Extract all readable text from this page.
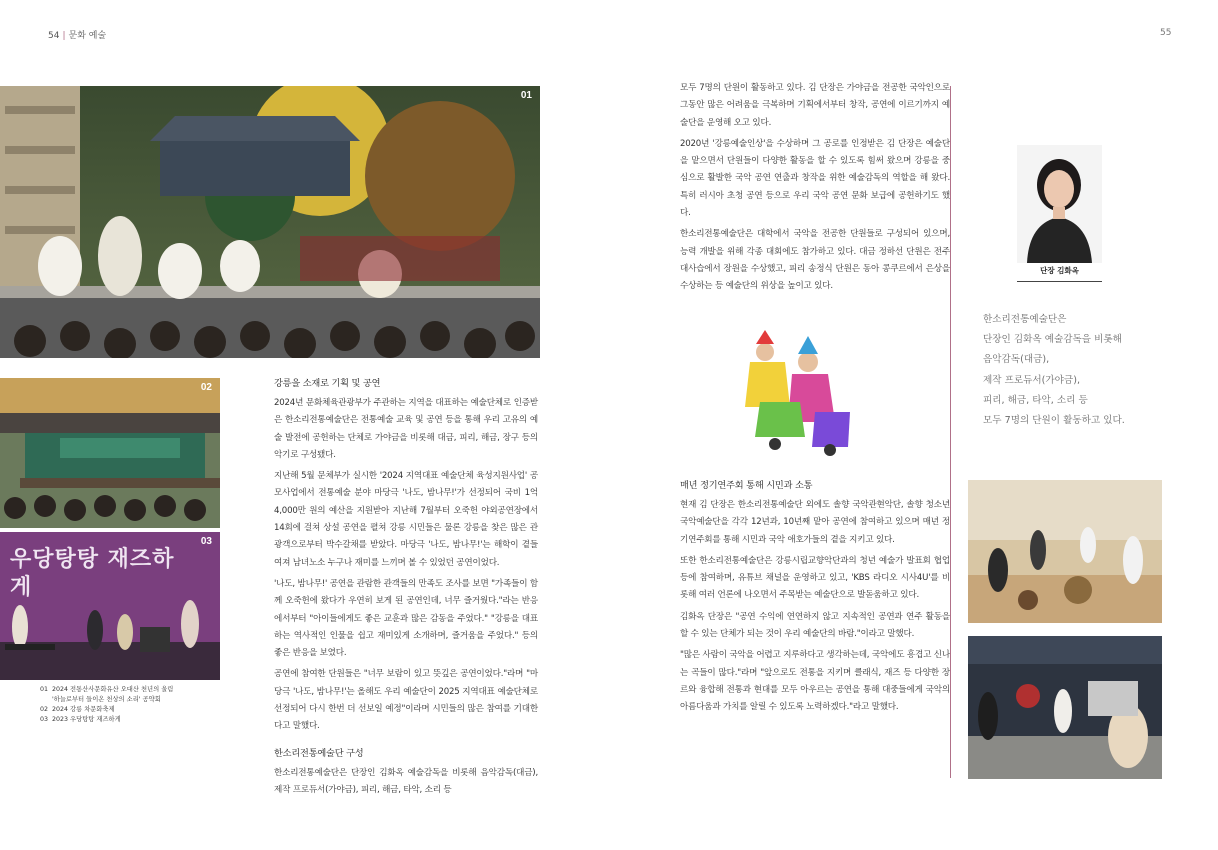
54 | 문화 예술	55
01
02
우당탕탕 재즈하게
03
01 2024 전통산사문화유산 오대산 천년의 울림
'하늘로부터 들이온 천상의 소리' 공약회
02 2024 강릉 차문화축제
03 2023 우당탕탕 재즈하게
강릉을 소재로 기획 및 공연

2024년 문화체육관광부가 주관하는 지역을 대표하는 예술단체로 인증받은 한소리전통예술단은 전통예술 교육 및 공연 등을 통해 우리 고유의 예술 발전에 공헌하는 단체로 가야금을 비롯해 대금, 피리, 해금, 장구 등의 악기로 구성됐다.

지난해 5월 문체부가 실시한 '2024 지역대표 예술단체 육성지원사업' 공모사업에서 전통예술 분야 마당극 '나도, 밤나무!'가 선정되어 국비 1억 4,000만 원의 예산을 지원받아 지난해 7월부터 오죽헌 야외공연장에서 14회에 걸쳐 상설 공연을 펼쳐 강릉 시민들은 물론 강릉을 찾은 많은 관광객으로부터 박수갈채를 받았다. 마당극 '나도, 밤나무!'는 해학이 곁들여져 남녀노소 누구나 재미를 느끼며 볼 수 있었던 공연이었다.

'나도, 밤나무!' 공연을 관람한 관객들의 만족도 조사를 보면 "가족들이 함께 오죽헌에 왔다가 우연히 보게 된 공연인데, 너무 즐거웠다."라는 반응에서부터 "아이들에게도 좋은 교훈과 많은 감동을 주었다." "강릉을 대표하는 역사적인 인물을 쉽고 재미있게 소개하며, 즐거움을 주었다." 등의 좋은 반응을 보였다.

공연에 참여한 단원들은 "너무 보람이 있고 뜻깊은 공연이었다."라며 "마당극 '나도, 밤나무!'는 올해도 우리 예술단이 2025 지역대표 예술단체로 선정되어 다시 한번 더 선보일 예정"이라며 시민들의 많은 참여를 기대한다고 말했다.

한소리전통예술단 구성

한소리전통예술단은 단장인 김화옥 예술감독을 비롯해 음악감독(대금), 제작 프로듀서(가야금), 피리, 해금, 타악, 소리 등

모두 7명의 단원이 활동하고 있다. 김 단장은 가야금을 전공한 국악인으로 그동안 많은 어려움을 극복하며 기획에서부터 창작, 공연에 이르기까지 예술단을 운영해 오고 있다.

2020년 '강릉예술인상'을 수상하며 그 공로를 인정받은 김 단장은 예술단을 맡으면서 단원들이 다양한 활동을 할 수 있도록 힘써 왔으며 강릉을 중심으로 활발한 국악 공연 연출과 창작을 위한 예술감독의 역할을 해 왔다. 특히 러시아 초청 공연 등으로 우리 국악 공연 문화 보급에 공헌하기도 했다.

한소리전통예술단은 대학에서 국악을 전공한 단원들로 구성되어 있으며, 능력 개발을 위해 각종 대회에도 참가하고 있다. 대금 정하선 단원은 전주대사습에서 장원을 수상했고, 피리 송정식 단원은 동아 콩쿠르에서 은상을 수상하는 등 예술단의 위상을 높이고 있다.

매년 정기연주회 통해 시민과 소통

현재 김 단장은 한소리전통예술단 외에도 솔향 국악관현악단, 솔향 청소년 국악예술단을 각각 12년과, 10년째 맡아 공연에 참여하고 있으며 매년 정기연주회를 통해 시민과 국악 애호가들의 곁을 지키고 있다.

또한 한소리전통예술단은 강릉시립교향악단과의 청년 예술가 발표회 협업 등에 참여하며, 유튜브 채널을 운영하고 있고, 'KBS 라디오 시사4U'를 비롯해 여러 언론에 나오면서 주목받는 예술단으로 발돋움하고 있다.

김화옥 단장은 "공연 수익에 연연하지 않고 지속적인 공연과 연주 활동을 할 수 있는 단체가 되는 것이 우리 예술단의 바람."이라고 말했다.

"많은 사람이 국악을 어렵고 지루하다고 생각하는데, 국악에도 흥겹고 신나는 곡들이 많다."라며 "앞으로도 전통을 지키며 클래식, 재즈 등 다양한 장르와 융합해 전통과 현대를 모두 아우르는 공연을 통해 대중들에게 국악의 아름다움과 가치를 알릴 수 있도록 노력하겠다."라고 말했다.

단장 김화옥
한소리전통예술단은
단장인 김화옥 예술감독을 비롯해
음악감독(대금),
제작 프로듀서(가야금),
피리, 해금, 타악, 소리 등
모두 7명의 단원이 활동하고 있다.
